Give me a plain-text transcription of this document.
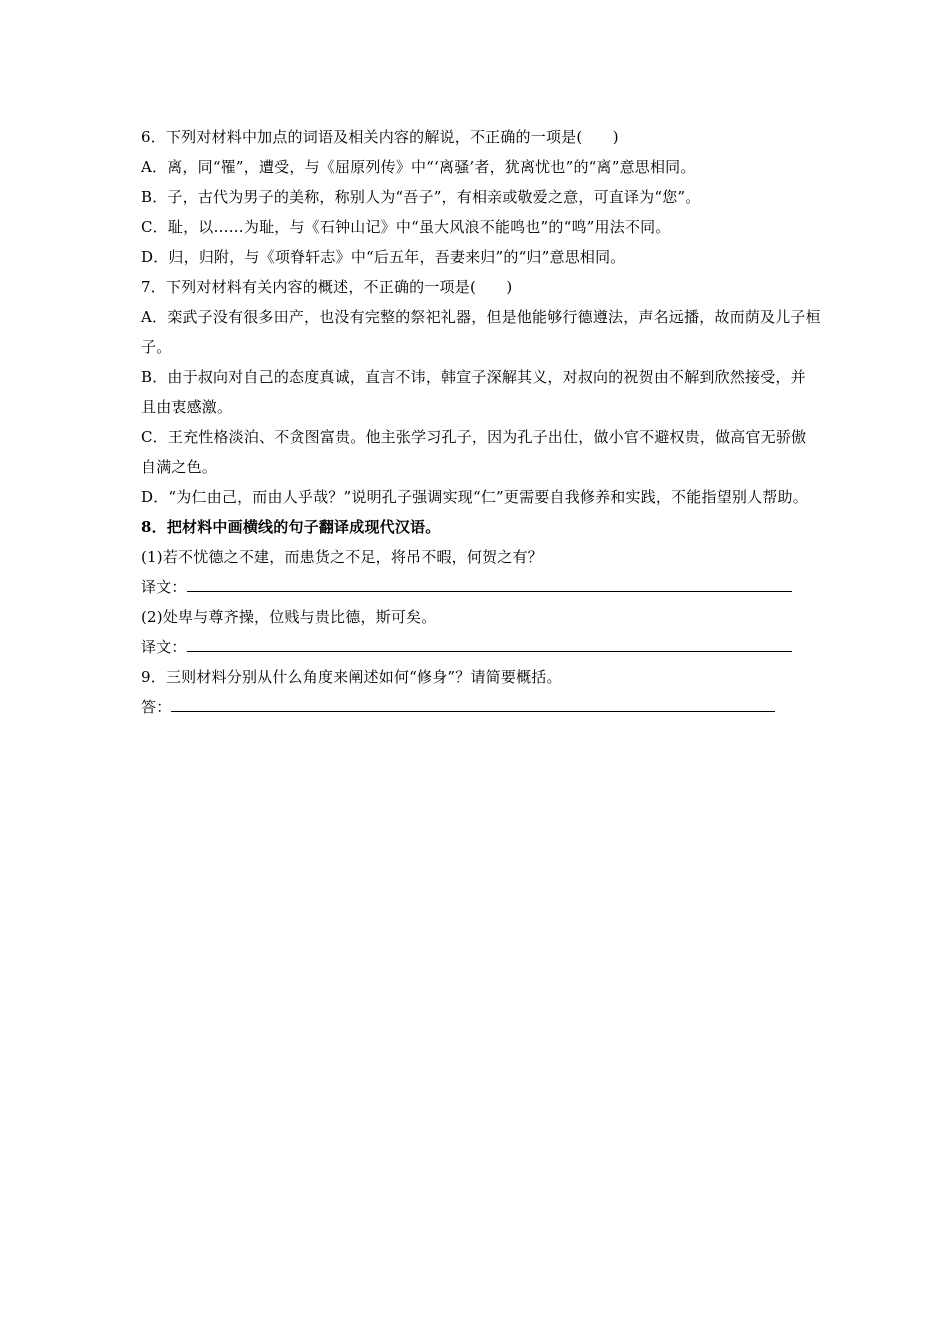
6．下列对材料中加点的词语及相关内容的解说，不正确的一项是(　　)
A．离，同“罹”，遭受，与《屈原列传》中“‘离骚’者，犹离忧也”的“离”意思相同。
B．子，古代为男子的美称，称别人为“吾子”，有相亲或敬爱之意，可直译为“您”。
C．耻，以……为耻，与《石钟山记》中“虽大风浪不能鸣也”的“鸣”用法不同。
D．归，归附，与《项脊轩志》中“后五年，吾妻来归”的“归”意思相同。
7．下列对材料有关内容的概述，不正确的一项是(　　)
A．栾武子没有很多田产，也没有完整的祭祀礼器，但是他能够行德遵法，声名远播，故而荫及儿子桓子。
B．由于叔向对自己的态度真诚，直言不讳，韩宣子深解其义，对叔向的祝贺由不解到欣然接受，并且由衷感激。
C．王充性格淡泊、不贪图富贵。他主张学习孔子，因为孔子出仕，做小官不避权贵，做高官无骄傲自满之色。
D．“为仁由己，而由人乎哉？”说明孔子强调实现“仁”更需要自我修养和实践，不能指望别人帮助。
8．把材料中画横线的句子翻译成现代汉语。
(1)若不忧德之不建，而患货之不足，将吊不暇，何贺之有？
译文：
(2)处卑与尊齐操，位贱与贵比德，斯可矣。
译文：
9．三则材料分别从什么角度来阐述如何“修身”？请简要概括。
答：
